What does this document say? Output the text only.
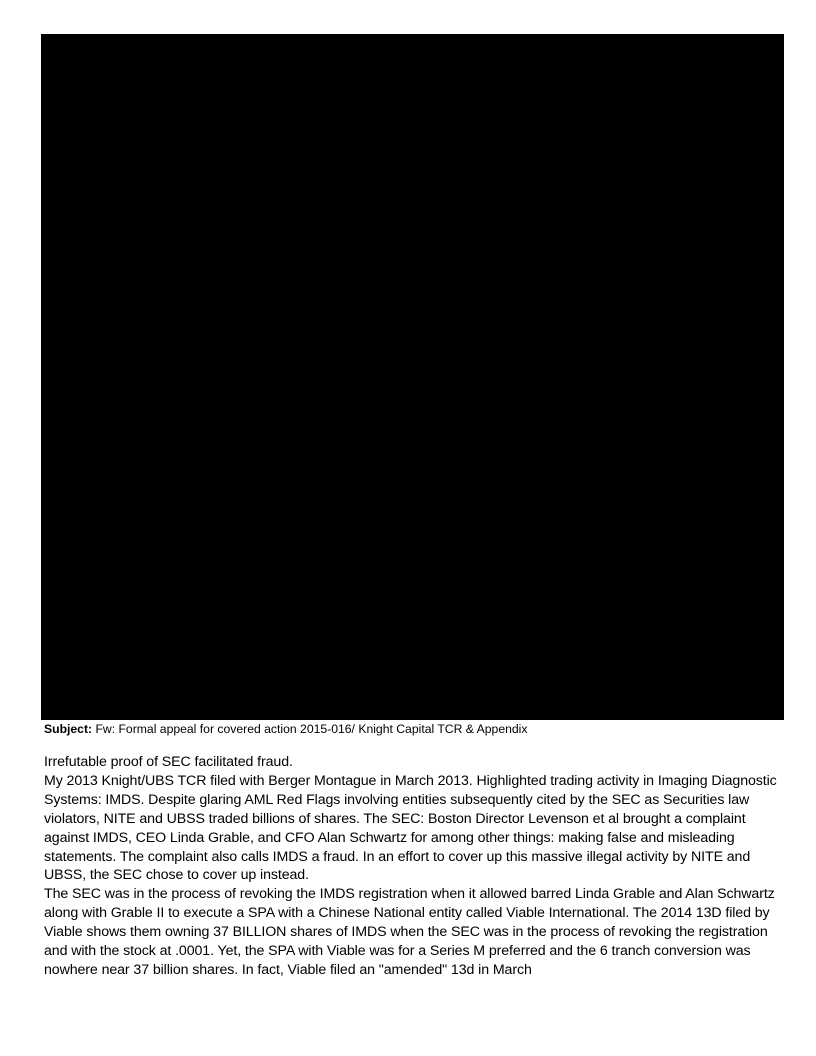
Subject: Fw: Formal appeal for covered action 2015-016/ Knight Capital TCR & Appendix

Irrefutable proof of SEC facilitated fraud.

My 2013 Knight/UBS TCR filed with Berger Montague in March 2013. Highlighted trading activity in Imaging Diagnostic Systems: IMDS. Despite glaring AML Red Flags involving entities subsequently cited by the SEC as Securities law violators, NITE and UBSS traded billions of shares. The SEC: Boston Director Levenson et al brought a complaint against IMDS, CEO Linda Grable, and CFO Alan Schwartz for among other things: making false and misleading statements. The complaint also calls IMDS a fraud. In an effort to cover up this massive illegal activity by NITE and UBSS, the SEC chose to cover up instead.

The SEC was in the process of revoking the IMDS registration when it allowed barred Linda Grable and Alan Schwartz along with Grable II to execute a SPA with a Chinese National entity called Viable International. The 2014 13D filed by Viable shows them owning 37 BILLION shares of IMDS when the SEC was in the process of revoking the registration and with the stock at .0001. Yet, the SPA with Viable was for a Series M preferred and the 6 tranch conversion was nowhere near 37 billion shares. In fact, Viable filed an "amended" 13d in March
